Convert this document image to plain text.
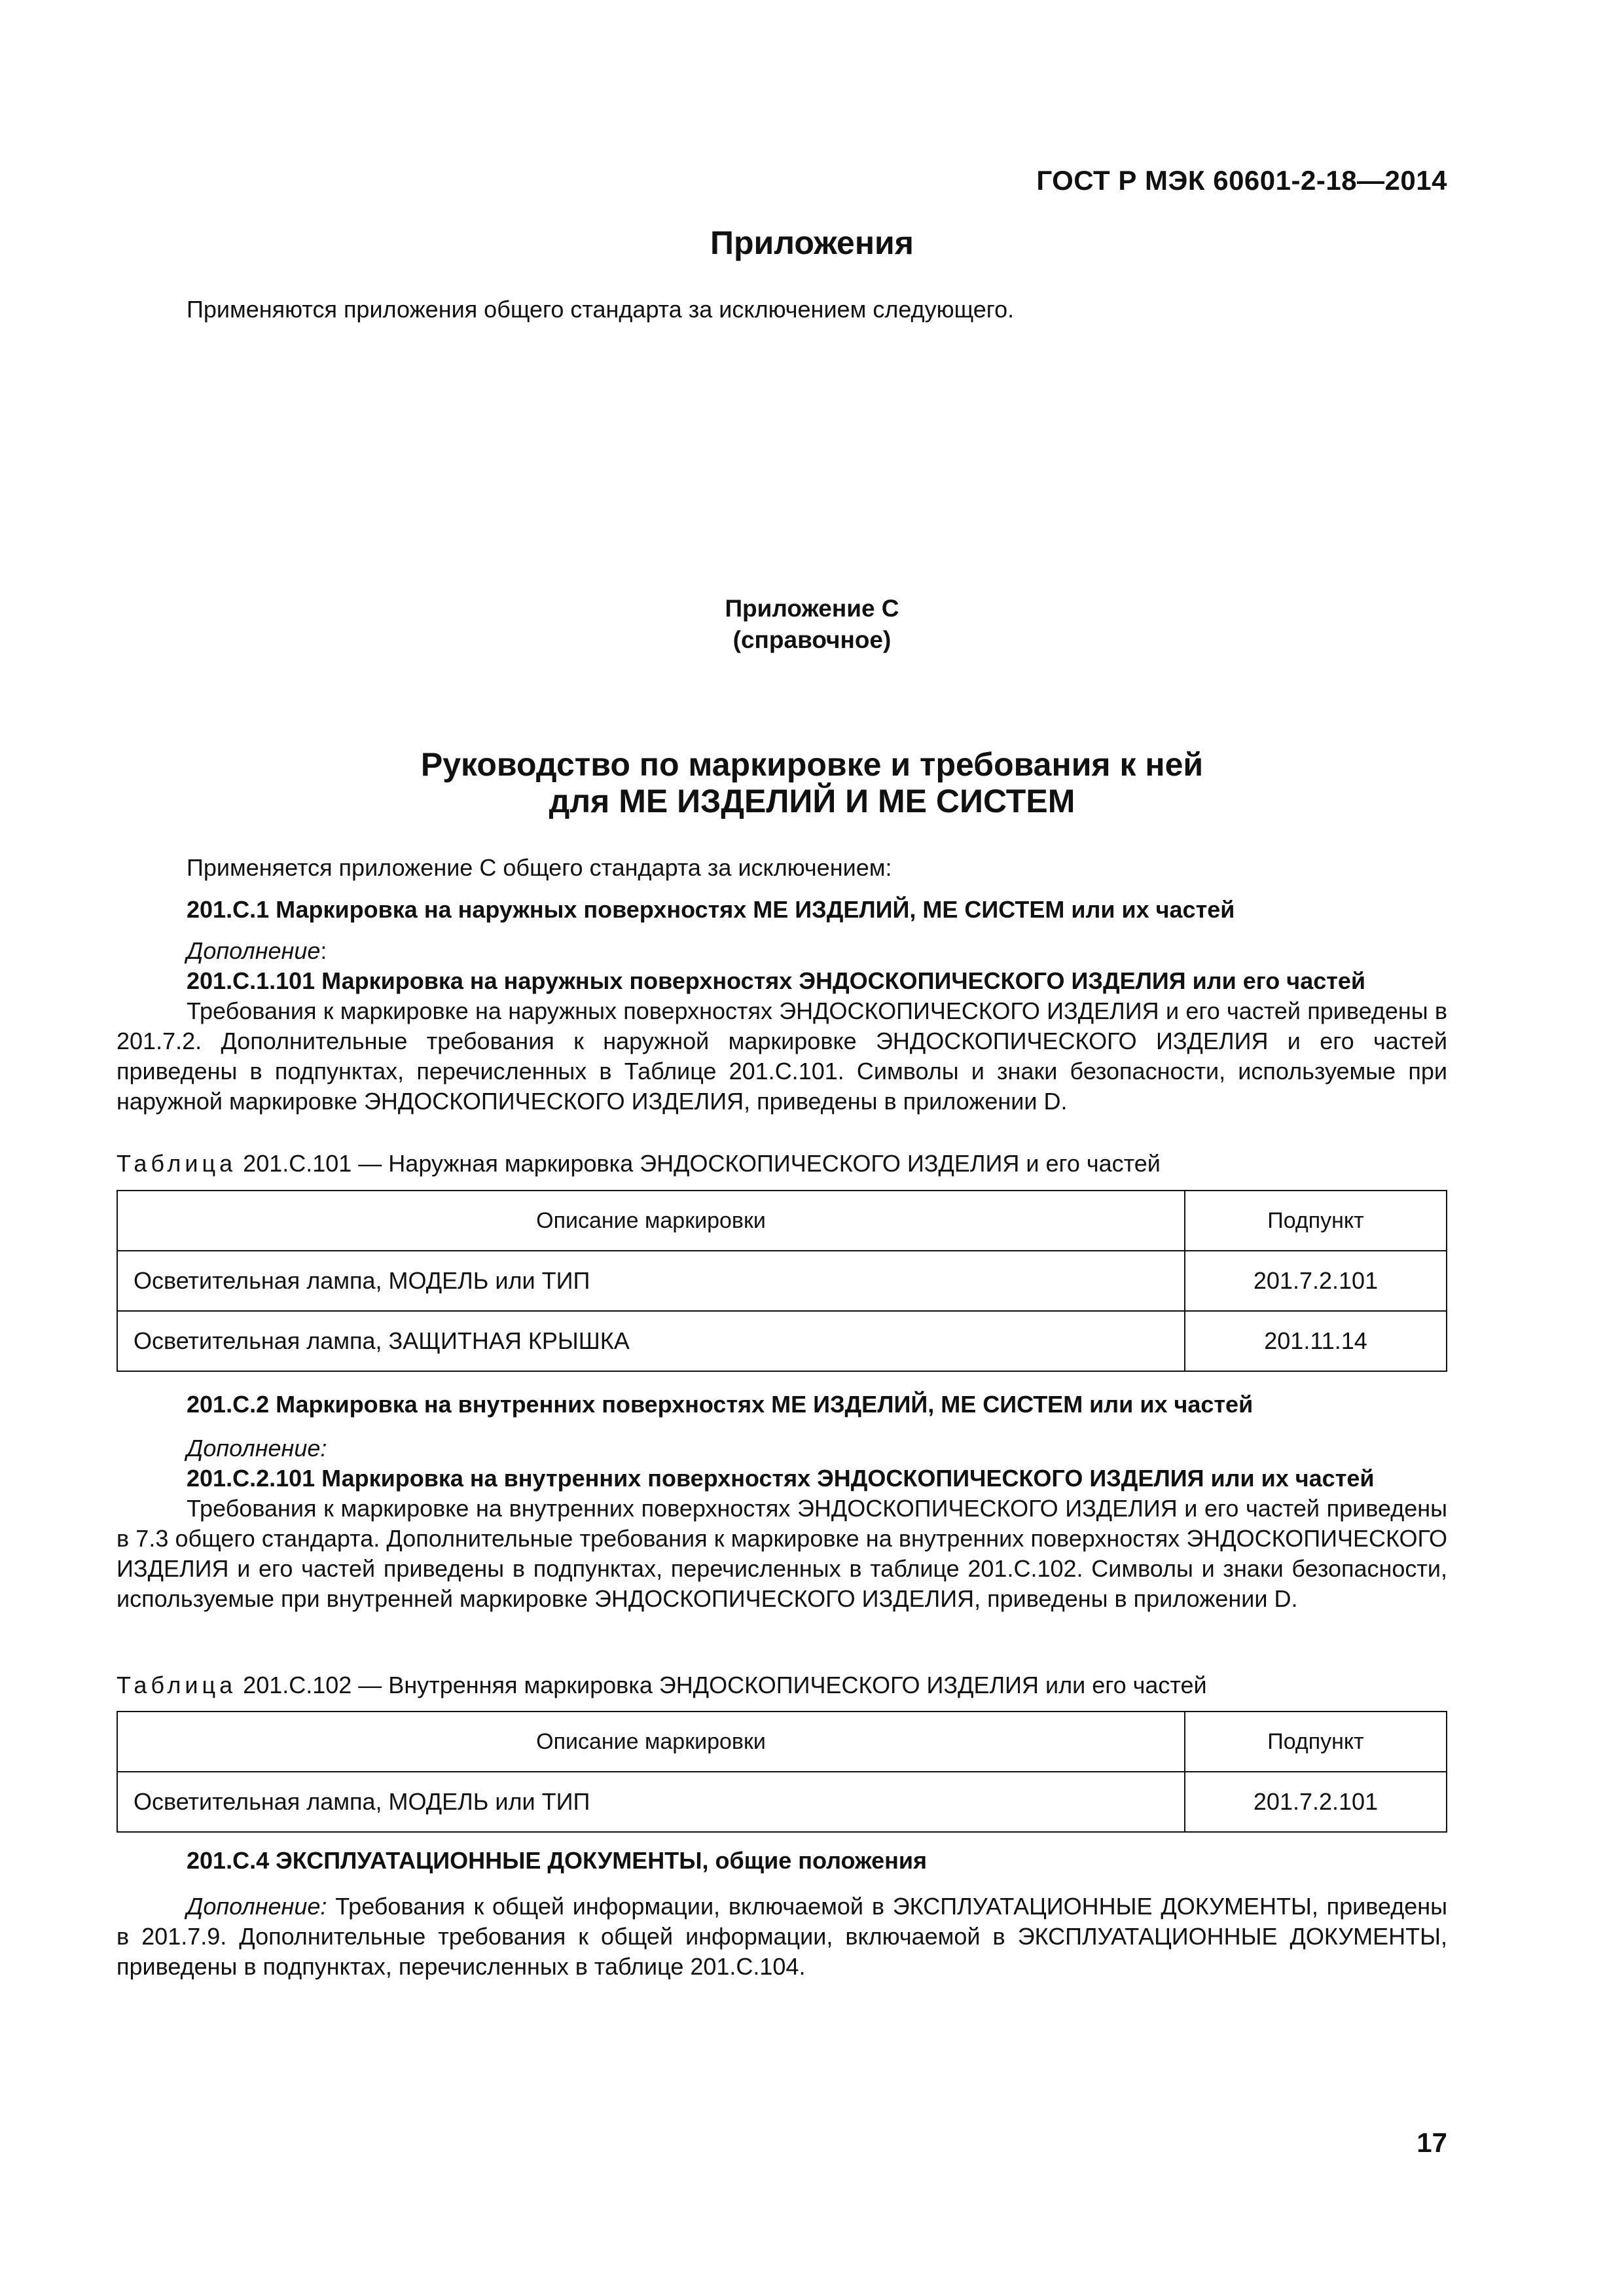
ГОСТ Р МЭК 60601-2-18—2014
Приложения
Применяются приложения общего стандарта за исключением следующего.
Приложение С
(справочное)
Руководство по маркировке и требования к ней
для МЕ ИЗДЕЛИЙ И МЕ СИСТЕМ
Применяется приложение С общего стандарта за исключением:
201.С.1 Маркировка на наружных поверхностях МЕ ИЗДЕЛИЙ, МЕ СИСТЕМ или их частей
Дополнение:
201.С.1.101 Маркировка на наружных поверхностях ЭНДОСКОПИЧЕСКОГО ИЗДЕЛИЯ или его частей
Требования к маркировке на наружных поверхностях ЭНДОСКОПИЧЕСКОГО ИЗДЕЛИЯ и его частей приведены в 201.7.2. Дополнительные требования к наружной маркировке ЭНДОСКОПИЧЕСКОГО ИЗДЕЛИЯ и его частей приведены в подпунктах, перечисленных в Таблице 201.С.101. Символы и знаки безопасности, используемые при наружной маркировке ЭНДОСКОПИЧЕСКОГО ИЗДЕЛИЯ, приведены в приложении D.
Таблица 201.С.101 — Наружная маркировка ЭНДОСКОПИЧЕСКОГО ИЗДЕЛИЯ и его частей
Описание маркировки	Подпункт
Осветительная лампа, МОДЕЛЬ или ТИП	201.7.2.101
Осветительная лампа, ЗАЩИТНАЯ КРЫШКА	201.11.14
201.С.2 Маркировка на внутренних поверхностях МЕ ИЗДЕЛИЙ, МЕ СИСТЕМ или их частей
Дополнение:
201.С.2.101 Маркировка на внутренних поверхностях ЭНДОСКОПИЧЕСКОГО ИЗДЕЛИЯ или их частей
Требования к маркировке на внутренних поверхностях ЭНДОСКОПИЧЕСКОГО ИЗДЕЛИЯ и его частей приведены в 7.3 общего стандарта. Дополнительные требования к маркировке на внутренних поверхностях ЭНДОСКОПИЧЕСКОГО ИЗДЕЛИЯ и его частей приведены в подпунктах, перечисленных в таблице 201.С.102. Символы и знаки безопасности, используемые при внутренней маркировке ЭНДОСКОПИЧЕСКОГО ИЗДЕЛИЯ, приведены в приложении D.
Таблица 201.С.102 — Внутренняя маркировка ЭНДОСКОПИЧЕСКОГО ИЗДЕЛИЯ или его частей
Описание маркировки	Подпункт
Осветительная лампа, МОДЕЛЬ или ТИП	201.7.2.101
201.С.4 ЭКСПЛУАТАЦИОННЫЕ ДОКУМЕНТЫ, общие положения
Дополнение: Требования к общей информации, включаемой в ЭКСПЛУАТАЦИОННЫЕ ДОКУМЕНТЫ, приведены в 201.7.9. Дополнительные требования к общей информации, включаемой в ЭКСПЛУАТАЦИОННЫЕ ДОКУМЕНТЫ, приведены в подпунктах, перечисленных в таблице 201.С.104.
17
